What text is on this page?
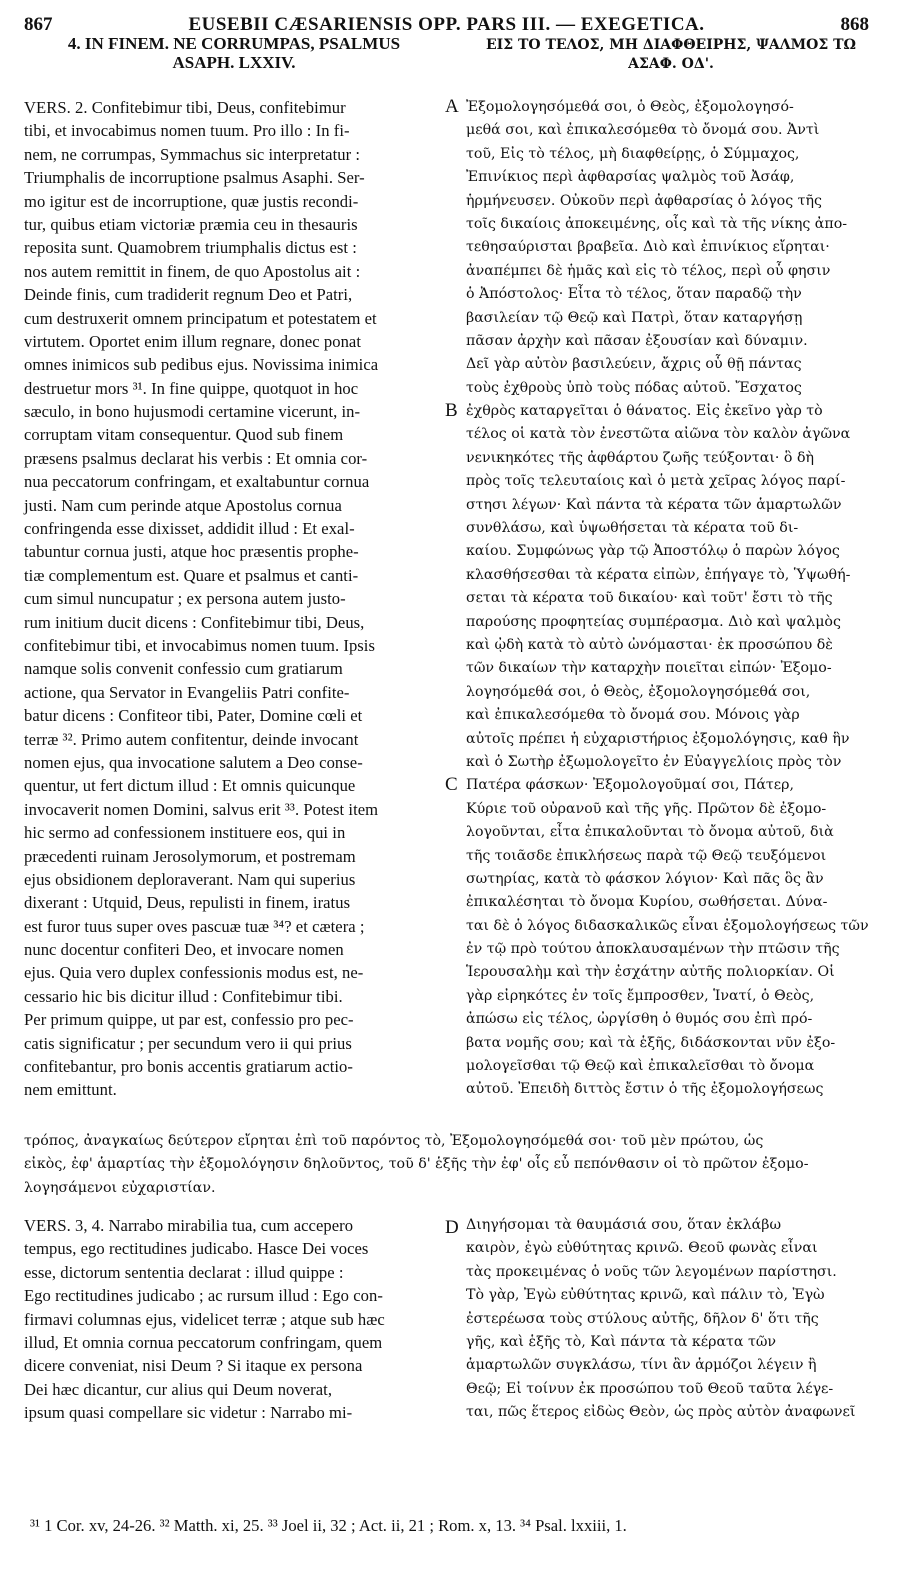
867	EUSEBII CÆSARIENSIS OPP. PARS III. — EXEGETICA.	868
4. IN FINEM. NE CORRUMPAS, PSALMUS
ASAPH. LXXIV.
ΕΙΣ ΤΟ ΤΕΛΟΣ, ΜΗ ΔΙΑΦΘΕΙΡΗΣ, ΨΑΛΜΟΣ ΤΩ
ΑΣΑΦ. ΟΔ'.
VERS. 2. Confitebimur tibi, Deus, confitebimur
tibi, et invocabimus nomen tuum. Pro illo : In fi-
nem, ne corrumpas, Symmachus sic interpretatur :
Triumphalis de incorruptione psalmus Asaphi. Ser-
mo igitur est de incorruptione, quæ justis recondi-
tur, quibus etiam victoriæ præmia ceu in thesauris
reposita sunt. Quamobrem triumphalis dictus est :
nos autem remittit in finem, de quo Apostolus ait :
Deinde finis, cum tradiderit regnum Deo et Patri,
cum destruxerit omnem principatum et potestatem et
virtutem. Oportet enim illum regnare, donec ponat
omnes inimicos sub pedibus ejus. Novissima inimica
destruetur mors ³¹. In fine quippe, quotquot in hoc
sæculo, in bono hujusmodi certamine vicerunt, in-
corruptam vitam consequentur. Quod sub finem
præsens psalmus declarat his verbis : Et omnia cor-
nua peccatorum confringam, et exaltabuntur cornua
justi. Nam cum perinde atque Apostolus cornua
confringenda esse dixisset, addidit illud : Et exal-
tabuntur cornua justi, atque hoc præsentis prophe-
tiæ complementum est. Quare et psalmus et canti-
cum simul nuncupatur ; ex persona autem justo-
rum initium ducit dicens : Confitebimur tibi, Deus,
confitebimur tibi, et invocabimus nomen tuum. Ipsis
namque solis convenit confessio cum gratiarum
actione, qua Servator in Evangeliis Patri confite-
batur dicens : Confiteor tibi, Pater, Domine cœli et
terræ ³². Primo autem confitentur, deinde invocant
nomen ejus, qua invocatione salutem a Deo conse-
quentur, ut fert dictum illud : Et omnis quicunque
invocaverit nomen Domini, salvus erit ³³. Potest item
hic sermo ad confessionem instituere eos, qui in
præcedenti ruinam Jerosolymorum, et postremam
ejus obsidionem deploraverant. Nam qui superius
dixerant : Utquid, Deus, repulisti in finem, iratus
est furor tuus super oves pascuæ tuæ ³⁴? et cætera ;
nunc docentur confiteri Deo, et invocare nomen
ejus. Quia vero duplex confessionis modus est, ne-
cessario hic bis dicitur illud : Confitebimur tibi.
Per primum quippe, ut par est, confessio pro pec-
catis significatur ; per secundum vero ii qui prius
confitebantur, pro bonis accentis gratiarum actio-
nem emittunt.
Ἐξομολογησόμεθά σοι, ὁ Θεὸς, ἐξομολογησό-
μεθά σοι, καὶ ἐπικαλεσόμεθα τὸ ὄνομά σου. Ἀντὶ
τοῦ, Εἰς τὸ τέλος, μὴ διαφθείρῃς, ὁ Σύμμαχος,
Ἐπινίκιος περὶ ἀφθαρσίας ψαλμὸς τοῦ Ἀσάφ,
ἡρμήνευσεν. Οὐκοῦν περὶ ἀφθαρσίας ὁ λόγος τῆς
τοῖς δικαίοις ἀποκειμένης, οἷς καὶ τὰ τῆς νίκης ἀπο-
τεθησαύρισται βραβεῖα. Διὸ καὶ ἐπινίκιος εἴρηται·
ἀναπέμπει δὲ ἡμᾶς καὶ εἰς τὸ τέλος, περὶ οὗ φησιν
ὁ Ἀπόστολος· Εἶτα τὸ τέλος, ὅταν παραδῷ τὴν
βασιλείαν τῷ Θεῷ καὶ Πατρὶ, ὅταν καταργήσῃ
πᾶσαν ἀρχὴν καὶ πᾶσαν ἐξουσίαν καὶ δύναμιν.
Δεῖ γὰρ αὐτὸν βασιλεύειν, ἄχρις οὗ θῇ πάντας
τοὺς ἐχθροὺς ὑπὸ τοὺς πόδας αὐτοῦ. Ἔσχατος
ἐχθρὸς καταργεῖται ὁ θάνατος. Εἰς ἐκεῖνο γὰρ τὸ
τέλος οἱ κατὰ τὸν ἐνεστῶτα αἰῶνα τὸν καλὸν ἀγῶνα
νενικηκότες τῆς ἀφθάρτου ζωῆς τεύξονται· ὃ δὴ
πρὸς τοῖς τελευταίοις καὶ ὁ μετὰ χεῖρας λόγος παρί-
στησι λέγων· Καὶ πάντα τὰ κέρατα τῶν ἁμαρτωλῶν
συνθλάσω, καὶ ὑψωθήσεται τὰ κέρατα τοῦ δι-
καίου. Συμφώνως γὰρ τῷ Ἀποστόλῳ ὁ παρὼν λόγος
κλασθήσεσθαι τὰ κέρατα εἰπὼν, ἐπήγαγε τὸ, Ὑψωθή-
σεται τὰ κέρατα τοῦ δικαίου· καὶ τοῦτ' ἔστι τὸ τῆς
παρούσης προφητείας συμπέρασμα. Διὸ καὶ ψαλμὸς
καὶ ᾠδὴ κατὰ τὸ αὐτὸ ὠνόμασται· ἐκ προσώπου δὲ
τῶν δικαίων τὴν καταρχὴν ποιεῖται εἰπών· Ἐξομο-
λογησόμεθά σοι, ὁ Θεὸς, ἐξομολογησόμεθά σοι,
καὶ ἐπικαλεσόμεθα τὸ ὄνομά σου. Μόνοις γὰρ
αὐτοῖς πρέπει ἡ εὐχαριστήριος ἐξομολόγησις, καθ ἣν
καὶ ὁ Σωτὴρ ἐξωμολογεῖτο ἐν Εὐαγγελίοις πρὸς τὸν
Πατέρα φάσκων· Ἐξομολογοῦμαί σοι, Πάτερ,
Κύριε τοῦ οὐρανοῦ καὶ τῆς γῆς. Πρῶτον δὲ ἐξομο-
λογοῦνται, εἶτα ἐπικαλοῦνται τὸ ὄνομα αὐτοῦ, διὰ
τῆς τοιᾶσδε ἐπικλήσεως παρὰ τῷ Θεῷ τευξόμενοι
σωτηρίας, κατὰ τὸ φάσκον λόγιον· Καὶ πᾶς ὃς ἂν
ἐπικαλέσηται τὸ ὄνομα Κυρίου, σωθήσεται. Δύνα-
ται δὲ ὁ λόγος διδασκαλικῶς εἶναι ἐξομολογήσεως τῶν
ἐν τῷ πρὸ τούτου ἀποκλαυσαμένων τὴν πτῶσιν τῆς
Ἱερουσαλὴμ καὶ τὴν ἐσχάτην αὐτῆς πολιορκίαν. Οἱ
γὰρ εἰρηκότες ἐν τοῖς ἔμπροσθεν, Ἱνατί, ὁ Θεὸς,
ἀπώσω εἰς τέλος, ὠργίσθη ὁ θυμός σου ἐπὶ πρό-
βατα νομῆς σου; καὶ τὰ ἑξῆς, διδάσκονται νῦν ἐξο-
μολογεῖσθαι τῷ Θεῷ καὶ ἐπικαλεῖσθαι τὸ ὄνομα
αὐτοῦ. Ἐπειδὴ διττὸς ἔστιν ὁ τῆς ἐξομολογήσεως
A
B
C
D
τρόπος, ἀναγκαίως δεύτερον εἴρηται ἐπὶ τοῦ παρόντος τὸ, Ἐξομολογησόμεθά σοι· τοῦ μὲν πρώτου, ὡς
εἰκὸς, ἐφ' ἁμαρτίας τὴν ἐξομολόγησιν δηλοῦντος, τοῦ δ' ἑξῆς τὴν ἐφ' οἷς εὖ πεπόνθασιν οἱ τὸ πρῶτον ἐξομο-
λογησάμενοι εὐχαριστίαν.
VERS. 3, 4. Narrabo mirabilia tua, cum accepero
tempus, ego rectitudines judicabo. Hasce Dei voces
esse, dictorum sententia declarat : illud quippe :
Ego rectitudines judicabo ; ac rursum illud : Ego con-
firmavi columnas ejus, videlicet terræ ; atque sub hæc
illud, Et omnia cornua peccatorum confringam, quem
dicere conveniat, nisi Deum ? Si itaque ex persona
Dei hæc dicantur, cur alius qui Deum noverat,
ipsum quasi compellare sic videtur : Narrabo mi-
Διηγήσομαι τὰ θαυμάσιά σου, ὅταν ἐκλάβω
καιρὸν, ἐγὼ εὐθύτητας κρινῶ. Θεοῦ φωνὰς εἶναι
τὰς προκειμένας ὁ νοῦς τῶν λεγομένων παρίστησι.
Τὸ γὰρ, Ἐγὼ εὐθύτητας κρινῶ, καὶ πάλιν τὸ, Ἐγὼ
ἐστερέωσα τοὺς στύλους αὐτῆς, δῆλον δ' ὅτι τῆς
γῆς, καὶ ἑξῆς τὸ, Καὶ πάντα τὰ κέρατα τῶν
ἁμαρτωλῶν συγκλάσω, τίνι ἂν ἁρμόζοι λέγειν ἢ
Θεῷ; Εἰ τοίνυν ἐκ προσώπου τοῦ Θεοῦ ταῦτα λέγε-
ται, πῶς ἕτερος εἰδὼς Θεὸν, ὡς πρὸς αὐτὸν ἀναφωνεῖ
³¹ 1 Cor. xv, 24-26. ³² Matth. xi, 25. ³³ Joel ii, 32 ; Act. ii, 21 ; Rom. x, 13. ³⁴ Psal. lxxiii, 1.
